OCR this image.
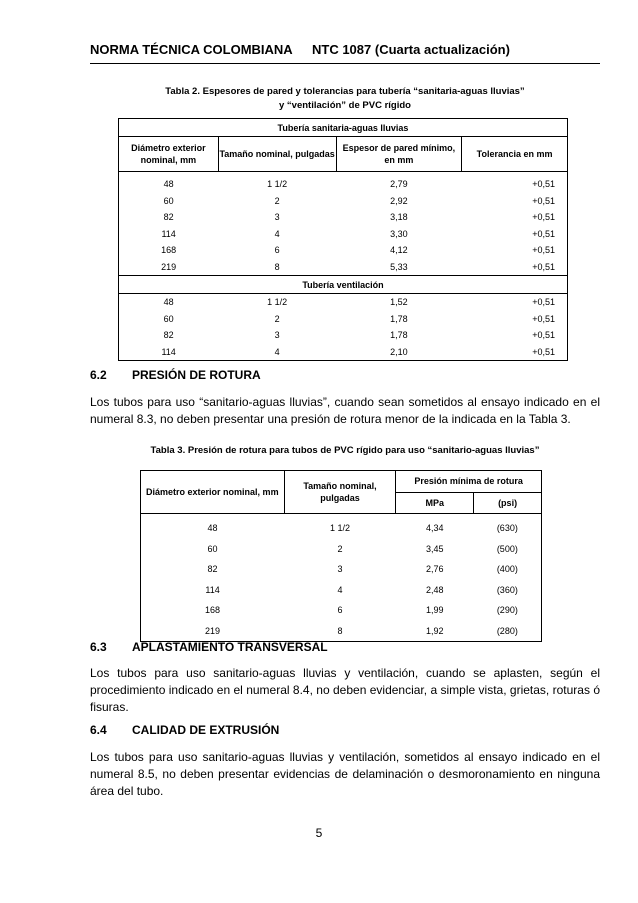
NORMA TÉCNICA COLOMBIANA NTC 1087 (Cuarta actualización)
Tabla 2. Espesores de pared y tolerancias para tubería “sanitaria-aguas lluvias”
y “ventilación” de PVC rígido
Tubería sanitaria-aguas lluvias			
Diámetro exterior nominal, mm	Tamaño nominal, pulgadas	Espesor de pared mínimo, en mm	Tolerancia en mm

48	1 1/2	2,79	+0,51
60	2	2,92	+0,51
82	3	3,18	+0,51
114	4	3,30	+0,51
168	6	4,12	+0,51
219	8	5,33	+0,51
Tubería ventilación			
48	1 1/2	1,52	+0,51
60	2	1,78	+0,51
82	3	1,78	+0,51
114	4	2,10	+0,51
6.2 PRESIÓN DE ROTURA
Los tubos para uso “sanitario-aguas lluvias”, cuando sean sometidos al ensayo indicado en el numeral 8.3, no deben presentar una presión de rotura menor de la indicada en la Tabla 3.
Tabla 3. Presión de rotura para tubos de PVC rígido para uso “sanitario-aguas lluvias”
Diámetro exterior nominal, mm	Tamaño nominal, pulgadas	Presión mínima de rotura	
		MPa	(psi)

48	1 1/2	4,34	(630)
60	2	3,45	(500)
82	3	2,76	(400)
114	4	2,48	(360)
168	6	1,99	(290)
219	8	1,92	(280)
6.3 APLASTAMIENTO TRANSVERSAL
Los tubos para uso sanitario-aguas lluvias y ventilación, cuando se aplasten, según el procedimiento indicado en el numeral 8.4, no deben evidenciar, a simple vista, grietas, roturas ó fisuras.
6.4 CALIDAD DE EXTRUSIÓN
Los tubos para uso sanitario-aguas lluvias y ventilación, sometidos al ensayo indicado en el numeral 8.5, no deben presentar evidencias de delaminación o desmoronamiento en ninguna área del tubo.
5
